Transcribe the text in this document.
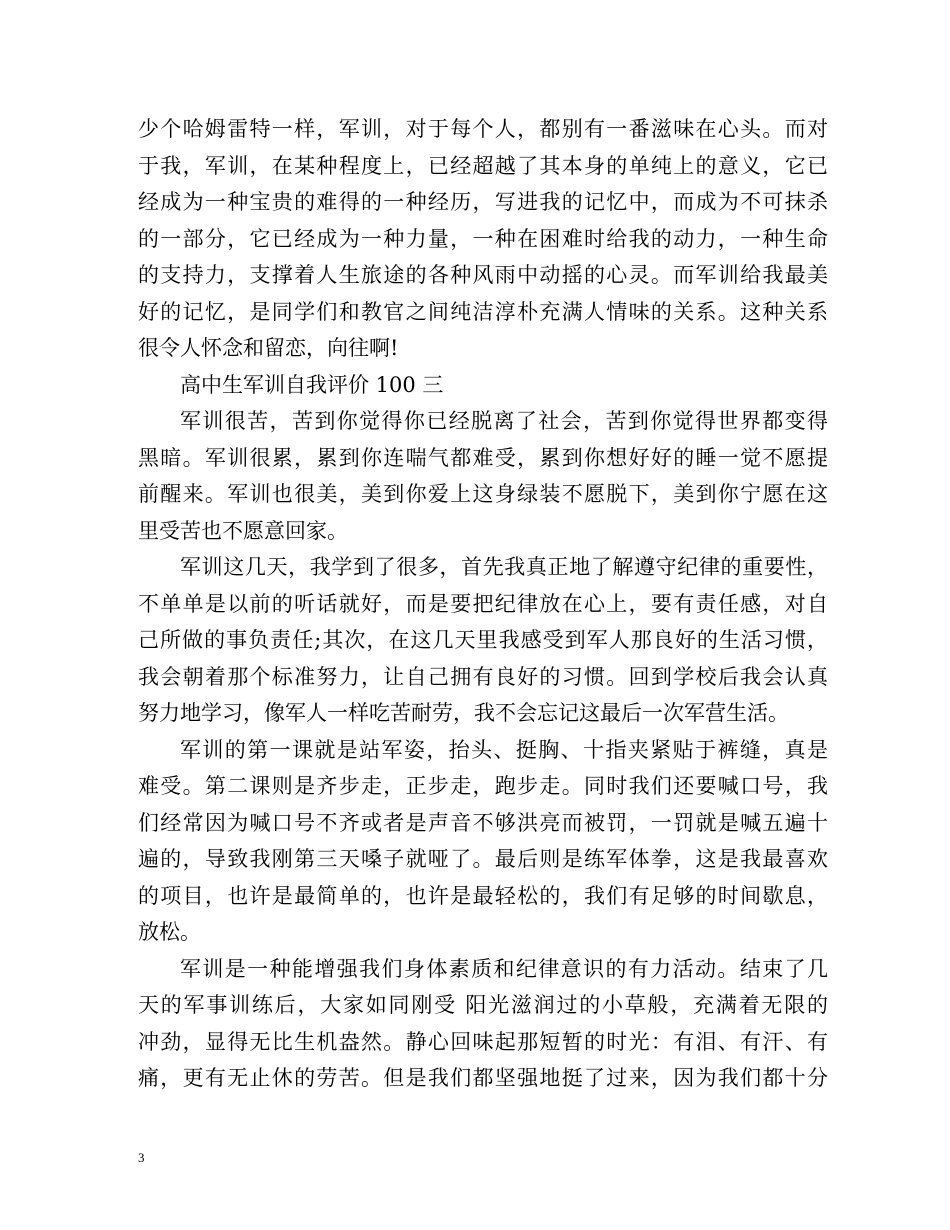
少个哈姆雷特一样，军训，对于每个人，都别有一番滋味在心头。而对
于我，军训，在某种程度上，已经超越了其本身的单纯上的意义，它已
经成为一种宝贵的难得的一种经历，写进我的记忆中，而成为不可抹杀
的一部分，它已经成为一种力量，一种在困难时给我的动力，一种生命
的支持力，支撑着人生旅途的各种风雨中动摇的心灵。而军训给我最美
好的记忆，是同学们和教官之间纯洁淳朴充满人情味的关系。这种关系
很令人怀念和留恋，向往啊!
高中生军训自我评价 100 三
军训很苦，苦到你觉得你已经脱离了社会，苦到你觉得世界都变得
黑暗。军训很累，累到你连喘气都难受，累到你想好好的睡一觉不愿提
前醒来。军训也很美，美到你爱上这身绿装不愿脱下，美到你宁愿在这
里受苦也不愿意回家。
军训这几天，我学到了很多，首先我真正地了解遵守纪律的重要性，
不单单是以前的听话就好，而是要把纪律放在心上，要有责任感，对自
己所做的事负责任;其次，在这几天里我感受到军人那良好的生活习惯，
我会朝着那个标准努力，让自己拥有良好的习惯。回到学校后我会认真
努力地学习，像军人一样吃苦耐劳，我不会忘记这最后一次军营生活。
军训的第一课就是站军姿，抬头、挺胸、十指夹紧贴于裤缝，真是
难受。第二课则是齐步走，正步走，跑步走。同时我们还要喊口号，我
们经常因为喊口号不齐或者是声音不够洪亮而被罚，一罚就是喊五遍十
遍的，导致我刚第三天嗓子就哑了。最后则是练军体拳，这是我最喜欢
的项目，也许是最简单的，也许是最轻松的，我们有足够的时间歇息，
放松。
军训是一种能增强我们身体素质和纪律意识的有力活动。结束了几
天的军事训练后，大家如同刚受 阳光滋润过的小草般，充满着无限的
冲劲，显得无比生机盎然。静心回味起那短暂的时光：有泪、有汗、有
痛，更有无止休的劳苦。但是我们都坚强地挺了过来，因为我们都十分
3
